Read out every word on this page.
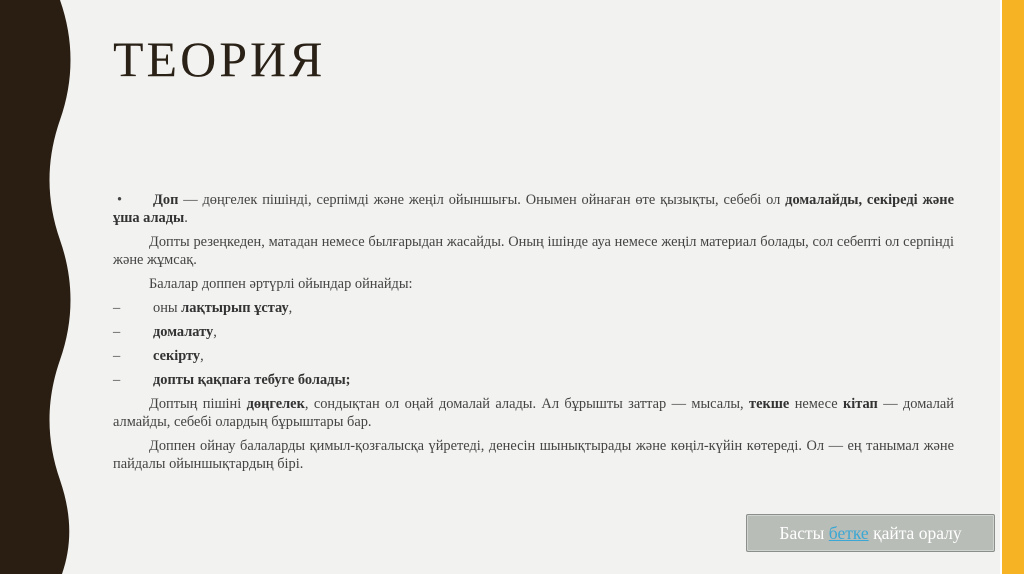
ТЕОРИЯ

• Доп — дөңгелек пішінді, серпімді және жеңіл ойыншығы. Онымен ойнаған өте қызықты, себебі ол домалайды, секіреді және ұша алады.

Допты резеңкеден, матадан немесе былғарыдан жасайды. Оның ішінде ауа немесе жеңіл материал болады, сол себепті ол серпінді және жұмсақ.

Балалар доппен әртүрлі ойындар ойнайды:

– оны лақтырып ұстау,

– домалату,

– секірту,

– допты қақпаға тебуге болады;

Доптың пішіні дөңгелек, сондықтан ол оңай домалай алады. Ал бұрышты заттар — мысалы, текше немесе кітап — домалай алмайды, себебі олардың бұрыштары бар.

Доппен ойнау балаларды қимыл-қозғалысқа үйретеді, денесін шынықтырады және көңіл-күйін көтереді. Ол — ең танымал және пайдалы ойыншықтардың бірі.

Басты бетке қайта оралу
